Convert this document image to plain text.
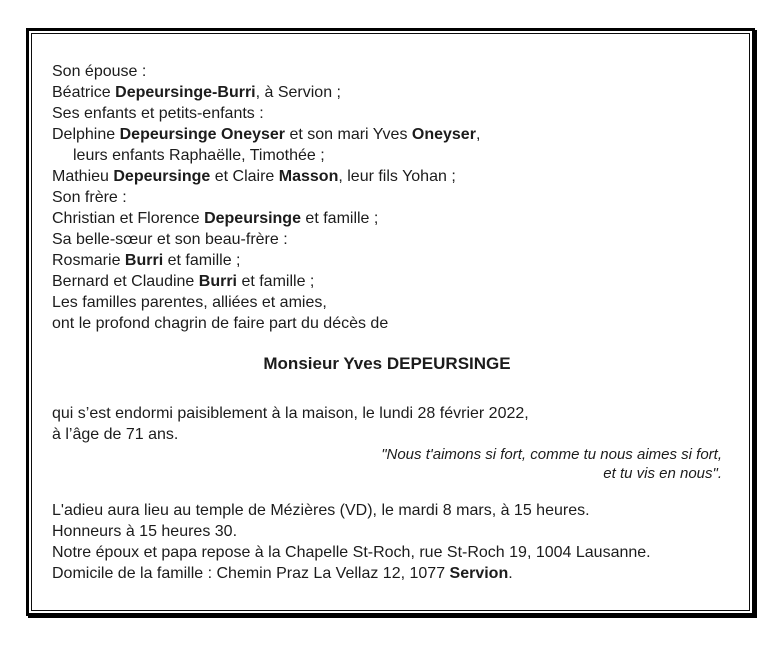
Son épouse :
Béatrice Depeursinge-Burri, à Servion ;
Ses enfants et petits-enfants :
Delphine Depeursinge Oneyser et son mari Yves Oneyser,
leurs enfants Raphaëlle, Timothée ;
Mathieu Depeursinge et Claire Masson, leur fils Yohan ;
Son frère :
Christian et Florence Depeursinge et famille ;
Sa belle-sœur et son beau-frère :
Rosmarie Burri et famille ;
Bernard et Claudine Burri et famille ;
Les familles parentes, alliées et amies,
ont le profond chagrin de faire part du décès de
Monsieur Yves DEPEURSINGE
qui s’est endormi paisiblement à la maison, le lundi 28 février 2022,
à l’âge de 71 ans.
"Nous t'aimons si fort, comme tu nous aimes si fort,
et tu vis en nous".
L'adieu aura lieu au temple de Mézières (VD), le mardi 8 mars, à 15 heures.
Honneurs à 15 heures 30.
Notre époux et papa repose à la Chapelle St-Roch, rue St-Roch 19, 1004 Lausanne.
Domicile de la famille : Chemin Praz La Vellaz 12, 1077 Servion.
